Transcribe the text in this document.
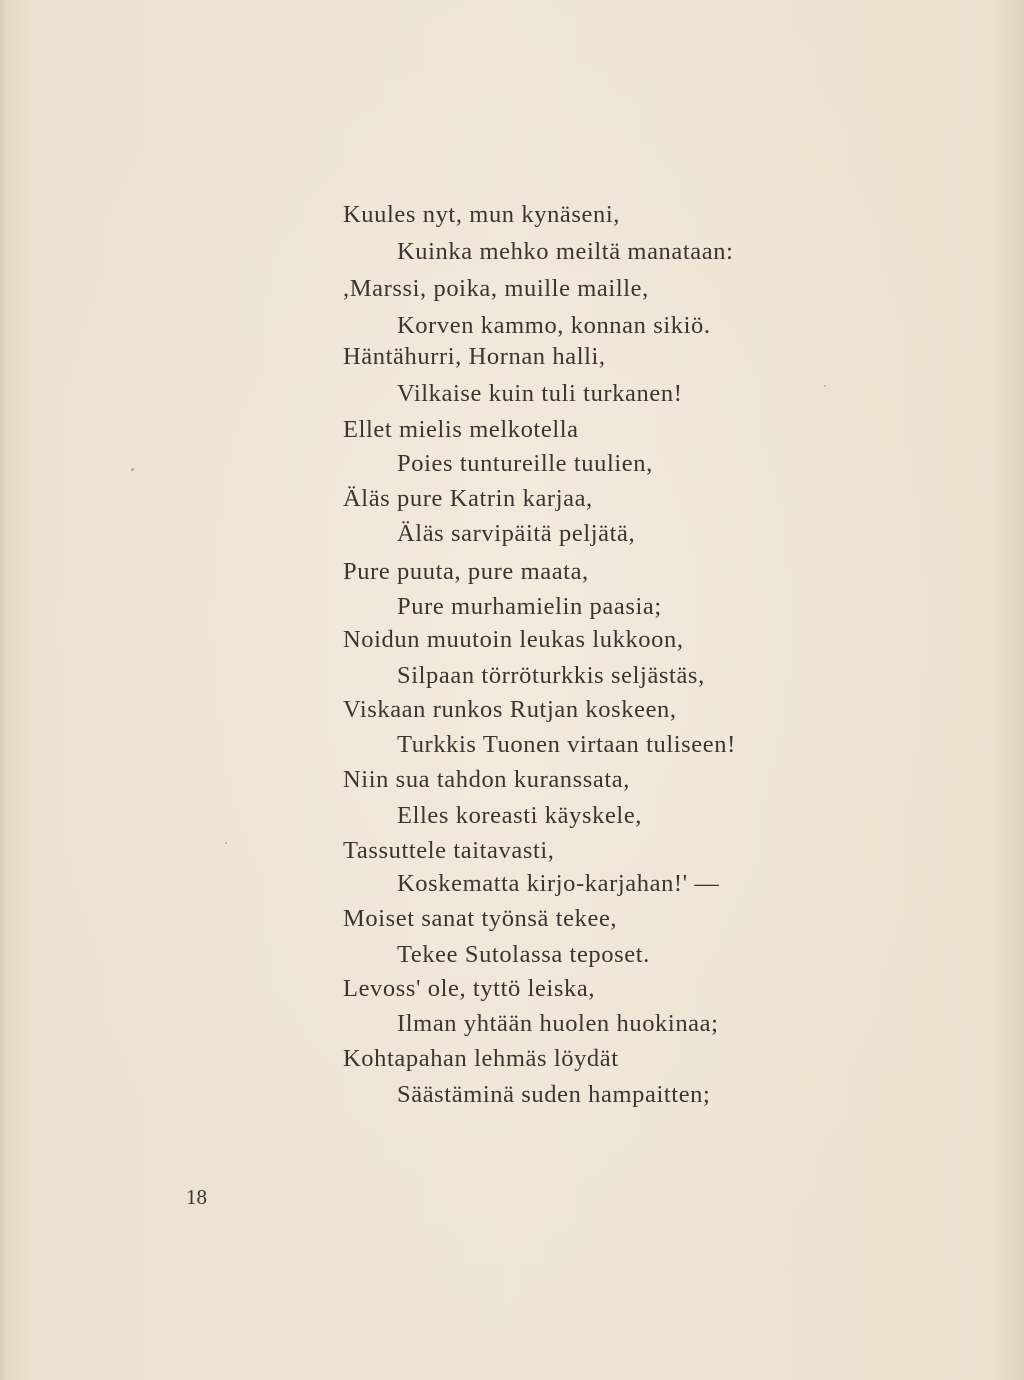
Kuules nyt, mun kynäseni,
Kuinka mehko meiltä manataan:
,Marssi, poika, muille maille,
Korven kammo, konnan sikiö.
Häntähurri, Hornan halli,
Vilkaise kuin tuli turkanen!
Ellet mielis melkotella
Poies tuntureille tuulien,
Äläs pure Katrin karjaa,
Äläs sarvipäitä peljätä,
Pure puuta, pure maata,
Pure murhamielin paasia;
Noidun muutoin leukas lukkoon,
Silpaan törröturkkis seljästäs,
Viskaan runkos Rutjan koskeen,
Turkkis Tuonen virtaan tuliseen!
Niin sua tahdon kuranssata,
Elles koreasti käyskele,
Tassuttele taitavasti,
Koskematta kirjo-karjahan!' —
Moiset sanat työnsä tekee,
Tekee Sutolassa teposet.
Levoss' ole, tyttö leiska,
Ilman yhtään huolen huokinaa;
Kohtapahan lehmäs löydät
Säästäminä suden hampaitten;
18
